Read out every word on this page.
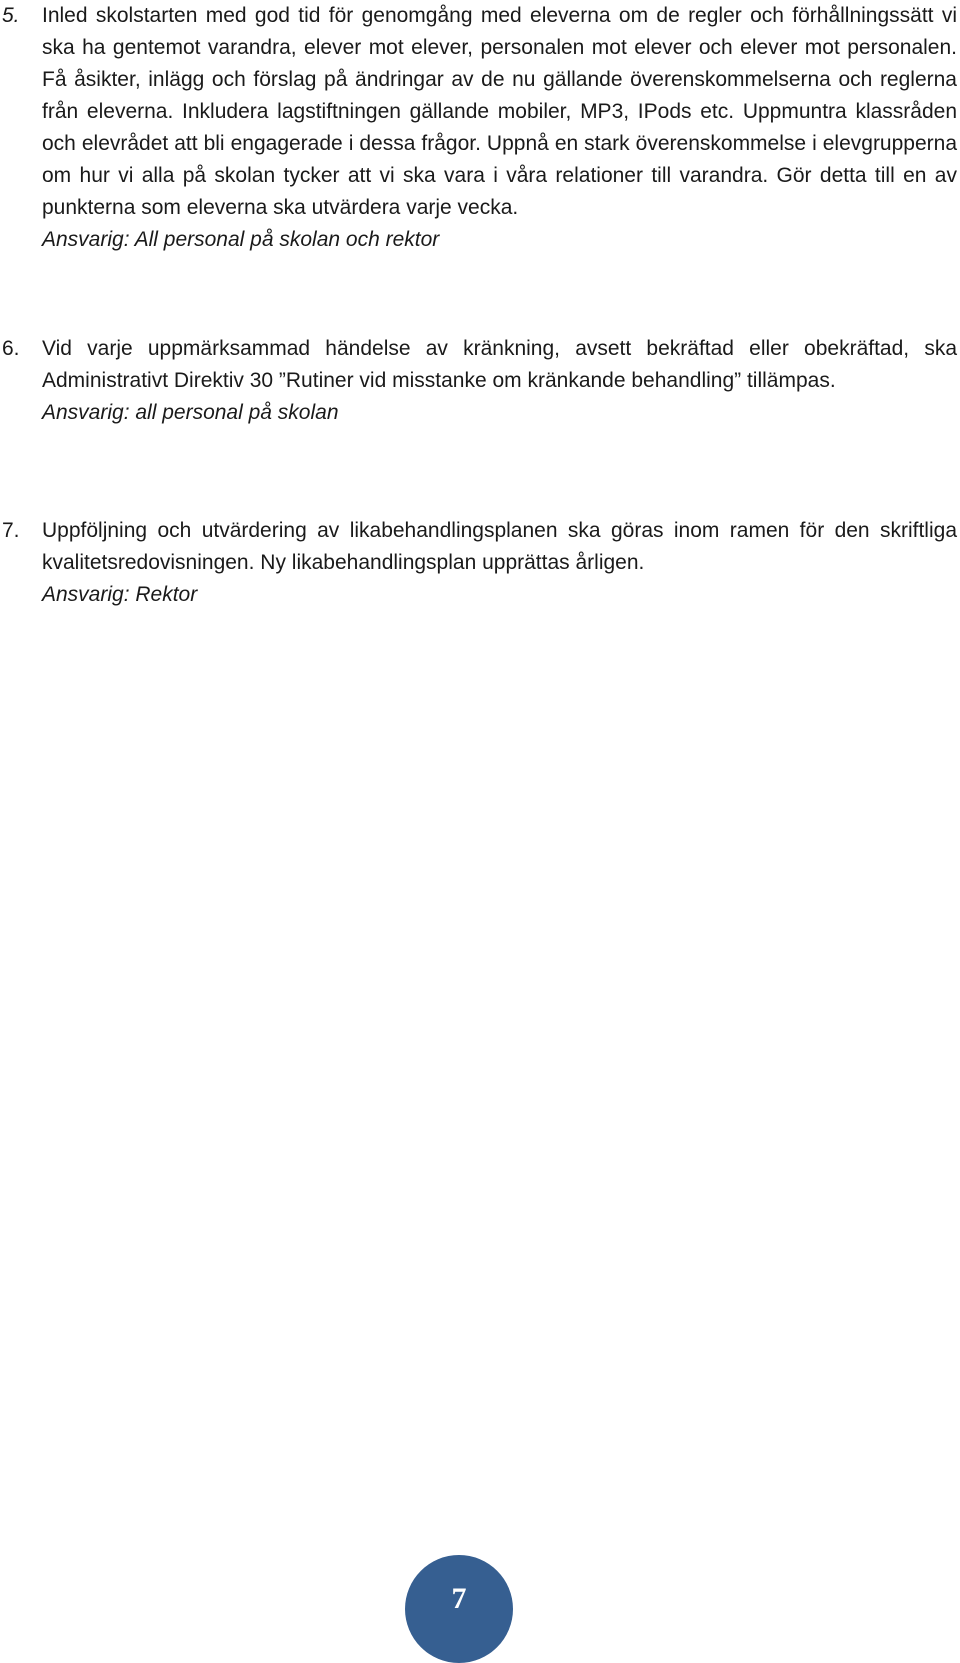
5. Inled skolstarten med god tid för genomgång med eleverna om de regler och förhållningssätt vi ska ha gentemot varandra, elever mot elever, personalen mot elever och elever mot personalen. Få åsikter, inlägg och förslag på ändringar av de nu gällande överenskommelserna och reglerna från eleverna. Inkludera lagstiftningen gällande mobiler, MP3, IPods etc. Uppmuntra klassråden och elevrådet att bli engagerade i dessa frågor. Uppnå en stark överenskommelse i elevgrupperna om hur vi alla på skolan tycker att vi ska vara i våra relationer till varandra. Gör detta till en av punkterna som eleverna ska utvärdera varje vecka.

Ansvarig: All personal på skolan och rektor

6. Vid varje uppmärksammad händelse av kränkning, avsett bekräftad eller obekräftad, ska Administrativt Direktiv 30 ”Rutiner vid misstanke om kränkande behandling” tillämpas.

Ansvarig: all personal på skolan

7. Uppföljning och utvärdering av likabehandlingsplanen ska göras inom ramen för den skriftliga kvalitetsredovisningen. Ny likabehandlingsplan upprättas årligen.

Ansvarig: Rektor

7
